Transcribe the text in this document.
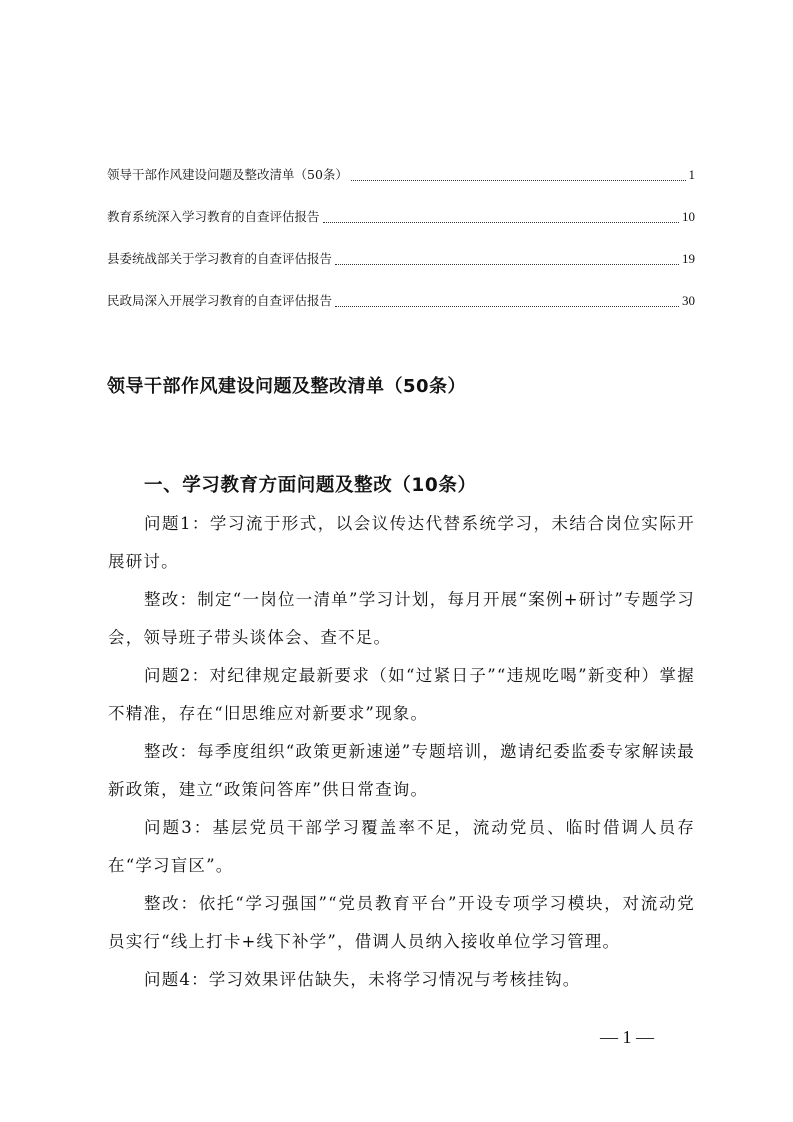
领导干部作风建设问题及整改清单（50条）	1
教育系统深入学习教育的自查评估报告	10
县委统战部关于学习教育的自查评估报告	19
民政局深入开展学习教育的自查评估报告	30
领导干部作风建设问题及整改清单（50条）
一、学习教育方面问题及整改（10条）

问题1：学习流于形式，以会议传达代替系统学习，未结合岗位实际开展研讨。

整改：制定“一岗位一清单”学习计划，每月开展“案例+研讨”专题学习会，领导班子带头谈体会、查不足。

问题2：对纪律规定最新要求（如“过紧日子”“违规吃喝”新变种）掌握不精准，存在“旧思维应对新要求”现象。

整改：每季度组织“政策更新速递”专题培训，邀请纪委监委专家解读最新政策，建立“政策问答库”供日常查询。

问题3：基层党员干部学习覆盖率不足，流动党员、临时借调人员存在“学习盲区”。

整改：依托“学习强国”“党员教育平台”开设专项学习模块，对流动党员实行“线上打卡+线下补学”，借调人员纳入接收单位学习管理。

问题4：学习效果评估缺失，未将学习情况与考核挂钩。

— 1 —
